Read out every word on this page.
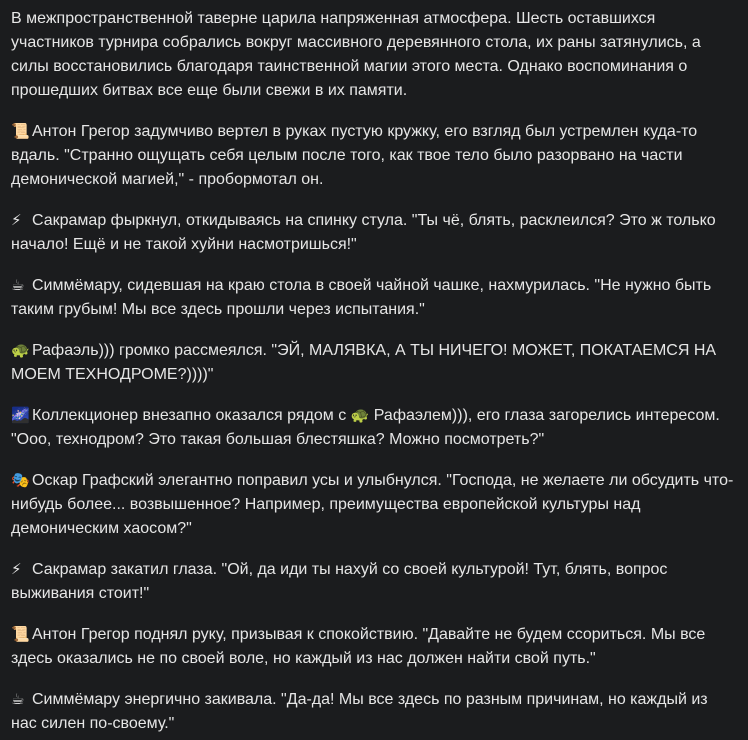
В межпространственной таверне царила напряженная атмосфера. Шесть оставшихся участников турнира собрались вокруг массивного деревянного стола, их раны затянулись, а силы восстановились благодаря таинственной магии этого места. Однако воспоминания о прошедших битвах все еще были свежи в их памяти.

📜 Антон Грегор задумчиво вертел в руках пустую кружку, его взгляд был устремлен куда-то вдаль. "Странно ощущать себя целым после того, как твое тело было разорвано на части демонической магией," - пробормотал он.

⚡ Сакрамар фыркнул, откидываясь на спинку стула. "Ты чё, блять, расклеился? Это ж только начало! Ещё и не такой хуйни насмотришься!"

☕ Симмёмару, сидевшая на краю стола в своей чайной чашке, нахмурилась. "Не нужно быть таким грубым! Мы все здесь прошли через испытания."

🐢 Рафаэль))) громко рассмеялся. "ЭЙ, МАЛЯВКА, А ТЫ НИЧЕГО! МОЖЕТ, ПОКАТАЕМСЯ НА МОЕМ ТЕХНОДРОМЕ?))))"

🌌 Коллекционер внезапно оказался рядом с 🐢 Рафаэлем))), его глаза загорелись интересом. "Ооо, технодром? Это такая большая блестяшка? Можно посмотреть?"

🎭 Оскар Графский элегантно поправил усы и улыбнулся. "Господа, не желаете ли обсудить что-нибудь более... возвышенное? Например, преимущества европейской культуры над демоническим хаосом?"

⚡ Сакрамар закатил глаза. "Ой, да иди ты нахуй со своей культурой! Тут, блять, вопрос выживания стоит!"

📜 Антон Грегор поднял руку, призывая к спокойствию. "Давайте не будем ссориться. Мы все здесь оказались не по своей воле, но каждый из нас должен найти свой путь."

☕ Симмёмару энергично закивала. "Да-да! Мы все здесь по разным причинам, но каждый из нас силен по-своему."
